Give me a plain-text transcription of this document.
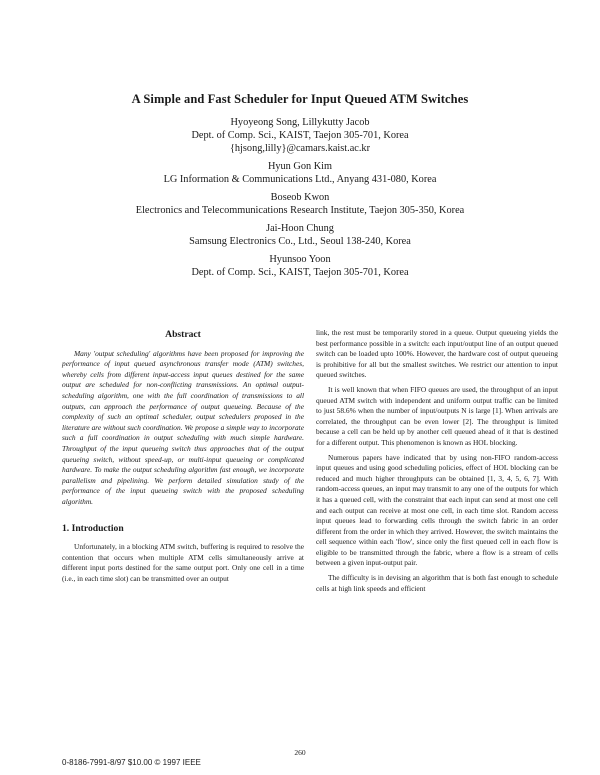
A Simple and Fast Scheduler for Input Queued ATM Switches
Hyoyeong Song, Lillykutty Jacob
Dept. of Comp. Sci., KAIST, Taejon 305-701, Korea
{hjsong,lilly}@camars.kaist.ac.kr
Hyun Gon Kim
LG Information & Communications Ltd., Anyang 431-080, Korea
Boseob Kwon
Electronics and Telecommunications Research Institute, Taejon 305-350, Korea
Jai-Hoon Chung
Samsung Electronics Co., Ltd., Seoul 138-240, Korea
Hyunsoo Yoon
Dept. of Comp. Sci., KAIST, Taejon 305-701, Korea
Abstract

Many 'output scheduling' algorithms have been proposed for improving the performance of input queued asynchronous transfer mode (ATM) switches, whereby cells from different input-access input queues destined for the same output are scheduled for non-conflicting transmissions. An optimal output-scheduling algorithm, one with the full coordination of transmissions to all outputs, can approach the performance of output queueing. Because of the complexity of such an optimal scheduler, output schedulers proposed in the literature are without such coordination. We propose a simple way to incorporate such a full coordination in output scheduling with much simple hardware. Throughput of the input queueing switch thus approaches that of the output queueing switch, without speed-up, or multi-input queueing or complicated hardware. To make the output scheduling algorithm fast enough, we incorporate parallelism and pipelining. We perform detailed simulation study of the performance of the input queueing switch with the proposed scheduling algorithm.

1. Introduction

Unfortunately, in a blocking ATM switch, buffering is required to resolve the contention that occurs when multiple ATM cells simultaneously arrive at different input ports destined for the same output port. Only one cell in a time (i.e., in each time slot) can be transmitted over an output

link, the rest must be temporarily stored in a queue. Output queueing yields the best performance possible in a switch: each input/output line of an output queued switch can be loaded upto 100%. However, the hardware cost of output queueing is prohibitive for all but the smallest switches. We restrict our attention to input queued switches.

It is well known that when FIFO queues are used, the throughput of an input queued ATM switch with independent and uniform output traffic can be limited to just 58.6% when the number of input/outputs N is large [1]. When arrivals are correlated, the throughput can be even lower [2]. The throughput is limited because a cell can be held up by another cell queued ahead of it that is destined for a different output. This phenomenon is known as HOL blocking.

Numerous papers have indicated that by using non-FIFO random-access input queues and using good scheduling policies, effect of HOL blocking can be reduced and much higher throughputs can be obtained [1, 3, 4, 5, 6, 7]. With random-access queues, an input may transmit to any one of the outputs for which it has a queued cell, with the constraint that each input can send at most one cell and each output can receive at most one cell, in each time slot. Random access input queues lead to forwarding cells through the switch fabric in an order different from the order in which they arrived. However, the switch maintains the cell sequence within each 'flow', since only the first queued cell in each flow is eligible to be transmitted through the fabric, where a flow is a stream of cells between a given input-output pair.

The difficulty is in devising an algorithm that is both fast enough to schedule cells at high link speeds and efficient

260
0-8186-7991-8/97 $10.00 © 1997 IEEE
